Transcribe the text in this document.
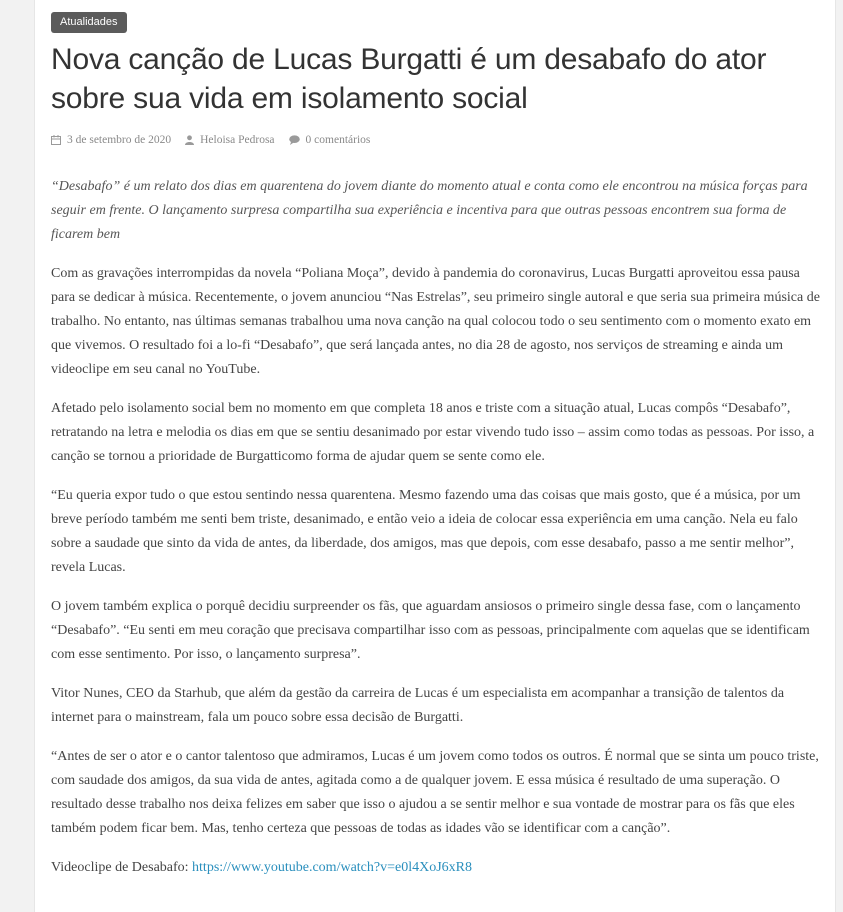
Atualidades
Nova canção de Lucas Burgatti é um desabafo do ator sobre sua vida em isolamento social
3 de setembro de 2020	Heloisa Pedrosa	0 comentários
“Desabafo” é um relato dos dias em quarentena do jovem diante do momento atual e conta como ele encontrou na música forças para seguir em frente. O lançamento surpresa compartilha sua experiência e incentiva para que outras pessoas encontrem sua forma de ficarem bem

Com as gravações interrompidas da novela “Poliana Moça”, devido à pandemia do coronavirus, Lucas Burgatti aproveitou essa pausa para se dedicar à música. Recentemente, o jovem anunciou “Nas Estrelas”, seu primeiro single autoral e que seria sua primeira música de trabalho. No entanto, nas últimas semanas trabalhou uma nova canção na qual colocou todo o seu sentimento com o momento exato em que vivemos. O resultado foi a lo-fi “Desabafo”, que será lançada antes, no dia 28 de agosto, nos serviços de streaming e ainda um videoclipe em seu canal no YouTube.

Afetado pelo isolamento social bem no momento em que completa 18 anos e triste com a situação atual, Lucas compôs “Desabafo”, retratando na letra e melodia os dias em que se sentiu desanimado por estar vivendo tudo isso – assim como todas as pessoas. Por isso, a canção se tornou a prioridade de Burgatticomo forma de ajudar quem se sente como ele.

“Eu queria expor tudo o que estou sentindo nessa quarentena. Mesmo fazendo uma das coisas que mais gosto, que é a música, por um breve período também me senti bem triste, desanimado, e então veio a ideia de colocar essa experiência em uma canção. Nela eu falo sobre a saudade que sinto da vida de antes, da liberdade, dos amigos, mas que depois, com esse desabafo, passo a me sentir melhor”, revela Lucas.

O jovem também explica o porquê decidiu surpreender os fãs, que aguardam ansiosos o primeiro single dessa fase, com o lançamento “Desabafo”. “Eu senti em meu coração que precisava compartilhar isso com as pessoas, principalmente com aquelas que se identificam com esse sentimento. Por isso, o lançamento surpresa”.

Vitor Nunes, CEO da Starhub, que além da gestão da carreira de Lucas é um especialista em acompanhar a transição de talentos da internet para o mainstream, fala um pouco sobre essa decisão de Burgatti.

“Antes de ser o ator e o cantor talentoso que admiramos, Lucas é um jovem como todos os outros. É normal que se sinta um pouco triste, com saudade dos amigos, da sua vida de antes, agitada como a de qualquer jovem. E essa música é resultado de uma superação. O resultado desse trabalho nos deixa felizes em saber que isso o ajudou a se sentir melhor e sua vontade de mostrar para os fãs que eles também podem ficar bem. Mas, tenho certeza que pessoas de todas as idades vão se identificar com a canção”.

Videoclipe de Desabafo: https://www.youtube.com/watch?v=e0l4XoJ6xR8
